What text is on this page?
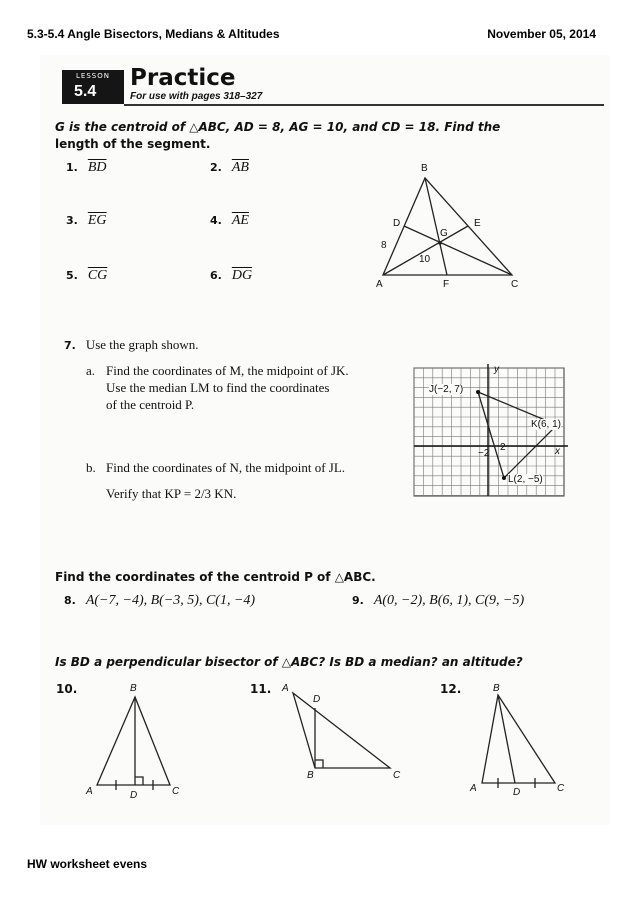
5.3-5.4 Angle Bisectors, Medians & Altitudes	November 05, 2014
LESSON
5.4
Practice
For use with pages 318–327
G is the centroid of △ABC, AD = 8, AG = 10, and CD = 18. Find the
length of the segment.
1. $\overline{BD}$	2. $\overline{AB}$
3. $\overline{EG}$	4. $\overline{AE}$
5. $\overline{CG}$	6. $\overline{DG}$
B
D	E
G
8
10
A	F	C
7. Use the graph shown.
a. Find the coordinates of M, the midpoint of JK.
Use the median LM to find the coordinates
of the centroid P.
b. Find the coordinates of N, the midpoint of JL.
Verify that KP = 2/3 KN.
y
x
J(−2, 7)
K(6, 1)
L(2, −5)
2
−2
Find the coordinates of the centroid P of △ABC.
8. A(−7, −4), B(−3, 5), C(1, −4)	9. A(0, −2), B(6, 1), C(9, −5)
Is BD a perpendicular bisector of △ABC? Is BD a median? an altitude?
10.	11.	12.
B
A	D	C
A
D
B	C
B
A	D	C
HW worksheet evens
